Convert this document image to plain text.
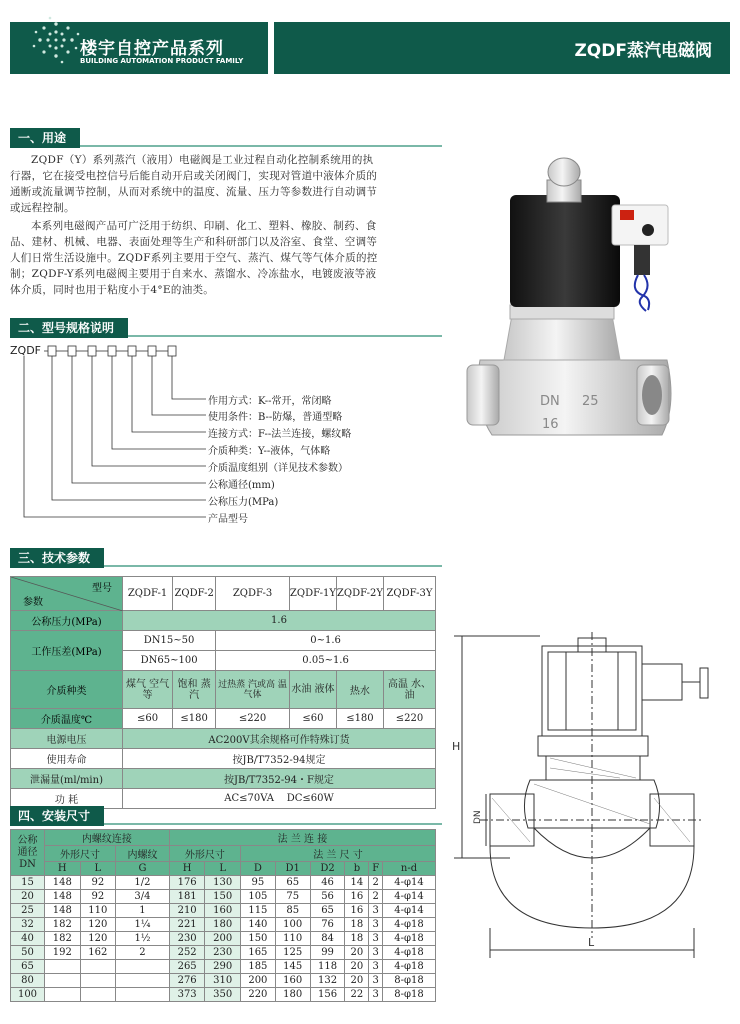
楼宇自控产品系列
BUILDING AUTOMATION PRODUCT FAMILY	ZQDF蒸汽电磁阀
一、用途
ZQDF（Y）系列蒸汽（液用）电磁阀是工业过程自动化控制系统用的执行器，它在接受电控信号后能自动开启或关闭阀门，实现对管道中液体介质的通断或流量调节控制，从而对系统中的温度、流量、压力等参数进行自动调节或远程控制。
本系列电磁阀产品可广泛用于纺织、印刷、化工、塑料、橡胶、制药、食品、建材、机械、电器、表面处理等生产和科研部门以及浴室、食堂、空调等人们日常生活设施中。ZQDF系列主要用于空气、蒸汽、煤气等气体介质的控制；ZQDF-Y系列电磁阀主要用于自来水、蒸馏水、冷冻盐水，电镀废液等液体介质，同时也用于粘度小于4°E的油类。
二、型号规格说明
ZQDF
作用方式：K--常开，常闭略
使用条件：B--防爆，普通型略
连接方式：F--法兰连接，螺纹略
介质种类：Y--液体，气体略
介质温度组别（详见技术参数）
公称通径(mm)
公称压力(MPa)
产品型号
DN 25
16
三、技术参数
型号
参数	ZQDF-1	ZQDF-2	ZQDF-3	ZQDF-1Y	ZQDF-2Y	ZQDF-3Y
公称压力(MPa)	1.6					
工作压差(MPa)	DN15~50		0~1.6			
	DN65~100		0.05~1.6			
介质种类	煤气 空气等	饱和 蒸汽	过热蒸 汽或高 温气体	水油 液体	热水	高温 水、油
介质温度℃	≤60	≤180	≤220	≤60	≤180	≤220
电源电压	AC200V其余规格可作特殊订货					
使用寿命	按JB/T7352-94规定					
泄漏量(ml/min)	按JB/T7352-94・F规定					
功 耗	AC≤70VA    DC≤60W					
四、安装尺寸
公称 通径 DN	内螺纹连接			法 兰 连 接							
	外形尺寸		内螺纹	外形尺寸		法 兰 尺 寸					
	H	L	G	H	L	D	D1	D2	b	F	n-d
15	148	92	1/2	176	130	95	65	46	14	2	4-φ14
20	148	92	3/4	181	150	105	75	56	16	2	4-φ14
25	148	110	1	210	160	115	85	65	16	3	4-φ14
32	182	120	1¼	221	180	140	100	76	18	3	4-φ18
40	182	120	1½	230	200	150	110	84	18	3	4-φ18
50	192	162	2	252	230	165	125	99	20	3	4-φ18
65				265	290	185	145	118	20	3	4-φ18
80				276	310	200	160	132	20	3	8-φ18
100				373	350	220	180	156	22	3	8-φ18
H
DN
L
